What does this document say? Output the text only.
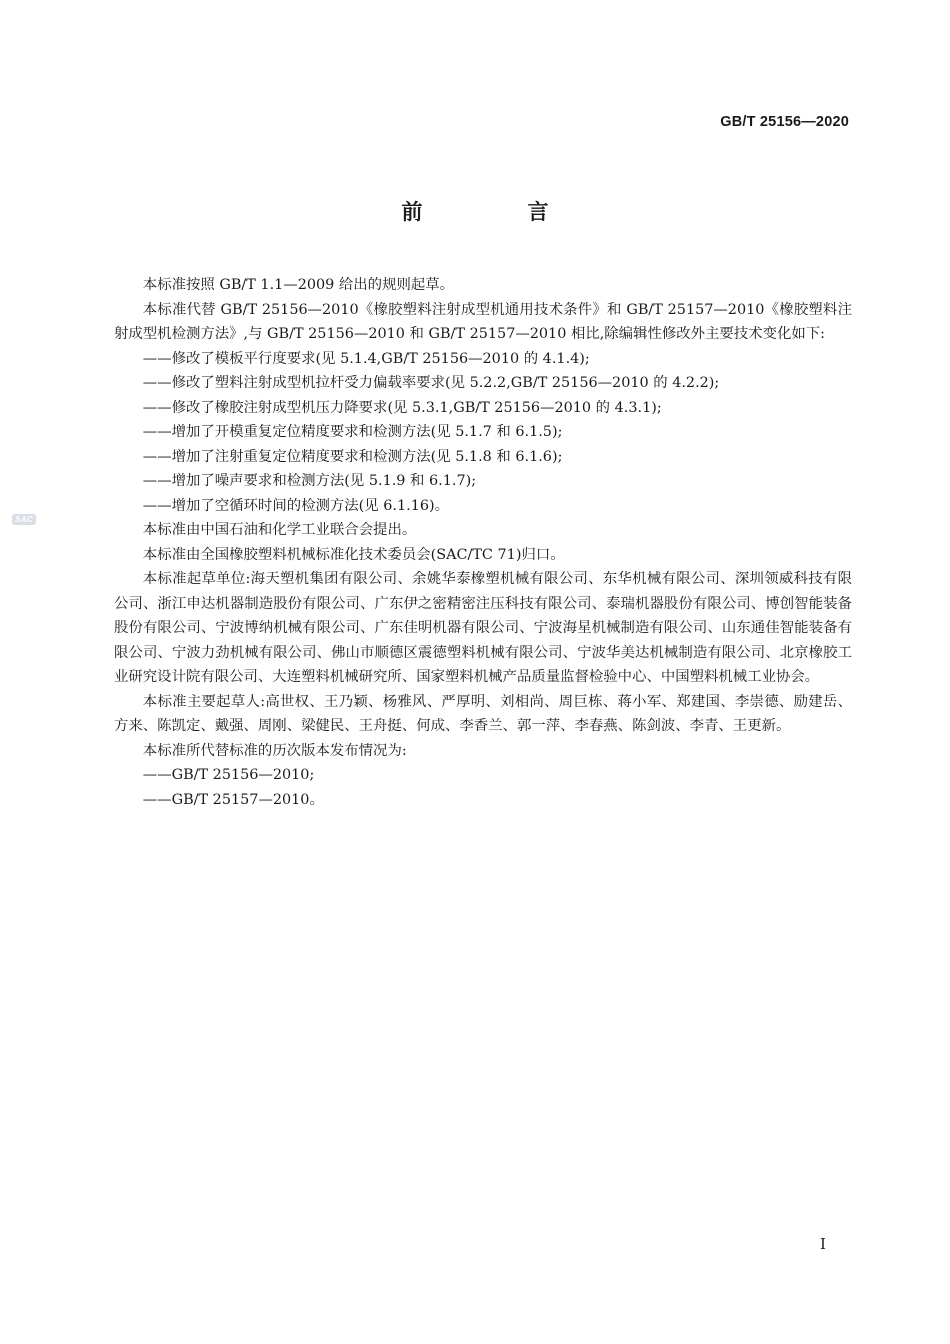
GB/T 25156—2020
前　言
SAC

本标准按照 GB/T 1.1—2009 给出的规则起草。

本标准代替 GB/T 25156—2010《橡胶塑料注射成型机通用技术条件》和 GB/T 25157—2010《橡胶塑料注射成型机检测方法》,与 GB/T 25156—2010 和 GB/T 25157—2010 相比,除编辑性修改外主要技术变化如下:

——修改了模板平行度要求(见 5.1.4,GB/T 25156—2010 的 4.1.4);

——修改了塑料注射成型机拉杆受力偏载率要求(见 5.2.2,GB/T 25156—2010 的 4.2.2);

——修改了橡胶注射成型机压力降要求(见 5.3.1,GB/T 25156—2010 的 4.3.1);

——增加了开模重复定位精度要求和检测方法(见 5.1.7 和 6.1.5);

——增加了注射重复定位精度要求和检测方法(见 5.1.8 和 6.1.6);

——增加了噪声要求和检测方法(见 5.1.9 和 6.1.7);

——增加了空循环时间的检测方法(见 6.1.16)。

本标准由中国石油和化学工业联合会提出。

本标准由全国橡胶塑料机械标准化技术委员会(SAC/TC 71)归口。

本标准起草单位:海天塑机集团有限公司、余姚华泰橡塑机械有限公司、东华机械有限公司、深圳领威科技有限公司、浙江申达机器制造股份有限公司、广东伊之密精密注压科技有限公司、泰瑞机器股份有限公司、博创智能装备股份有限公司、宁波博纳机械有限公司、广东佳明机器有限公司、宁波海星机械制造有限公司、山东通佳智能装备有限公司、宁波力劲机械有限公司、佛山市顺德区震德塑料机械有限公司、宁波华美达机械制造有限公司、北京橡胶工业研究设计院有限公司、大连塑料机械研究所、国家塑料机械产品质量监督检验中心、中国塑料机械工业协会。

本标准主要起草人:高世权、王乃颖、杨雅风、严厚明、刘相尚、周巨栋、蒋小军、郑建国、李崇德、励建岳、方来、陈凯定、戴强、周刚、梁健民、王舟挺、何成、李香兰、郭一萍、李春燕、陈剑波、李青、王更新。

本标准所代替标准的历次版本发布情况为:

——GB/T 25156—2010;

——GB/T 25157—2010。

I
